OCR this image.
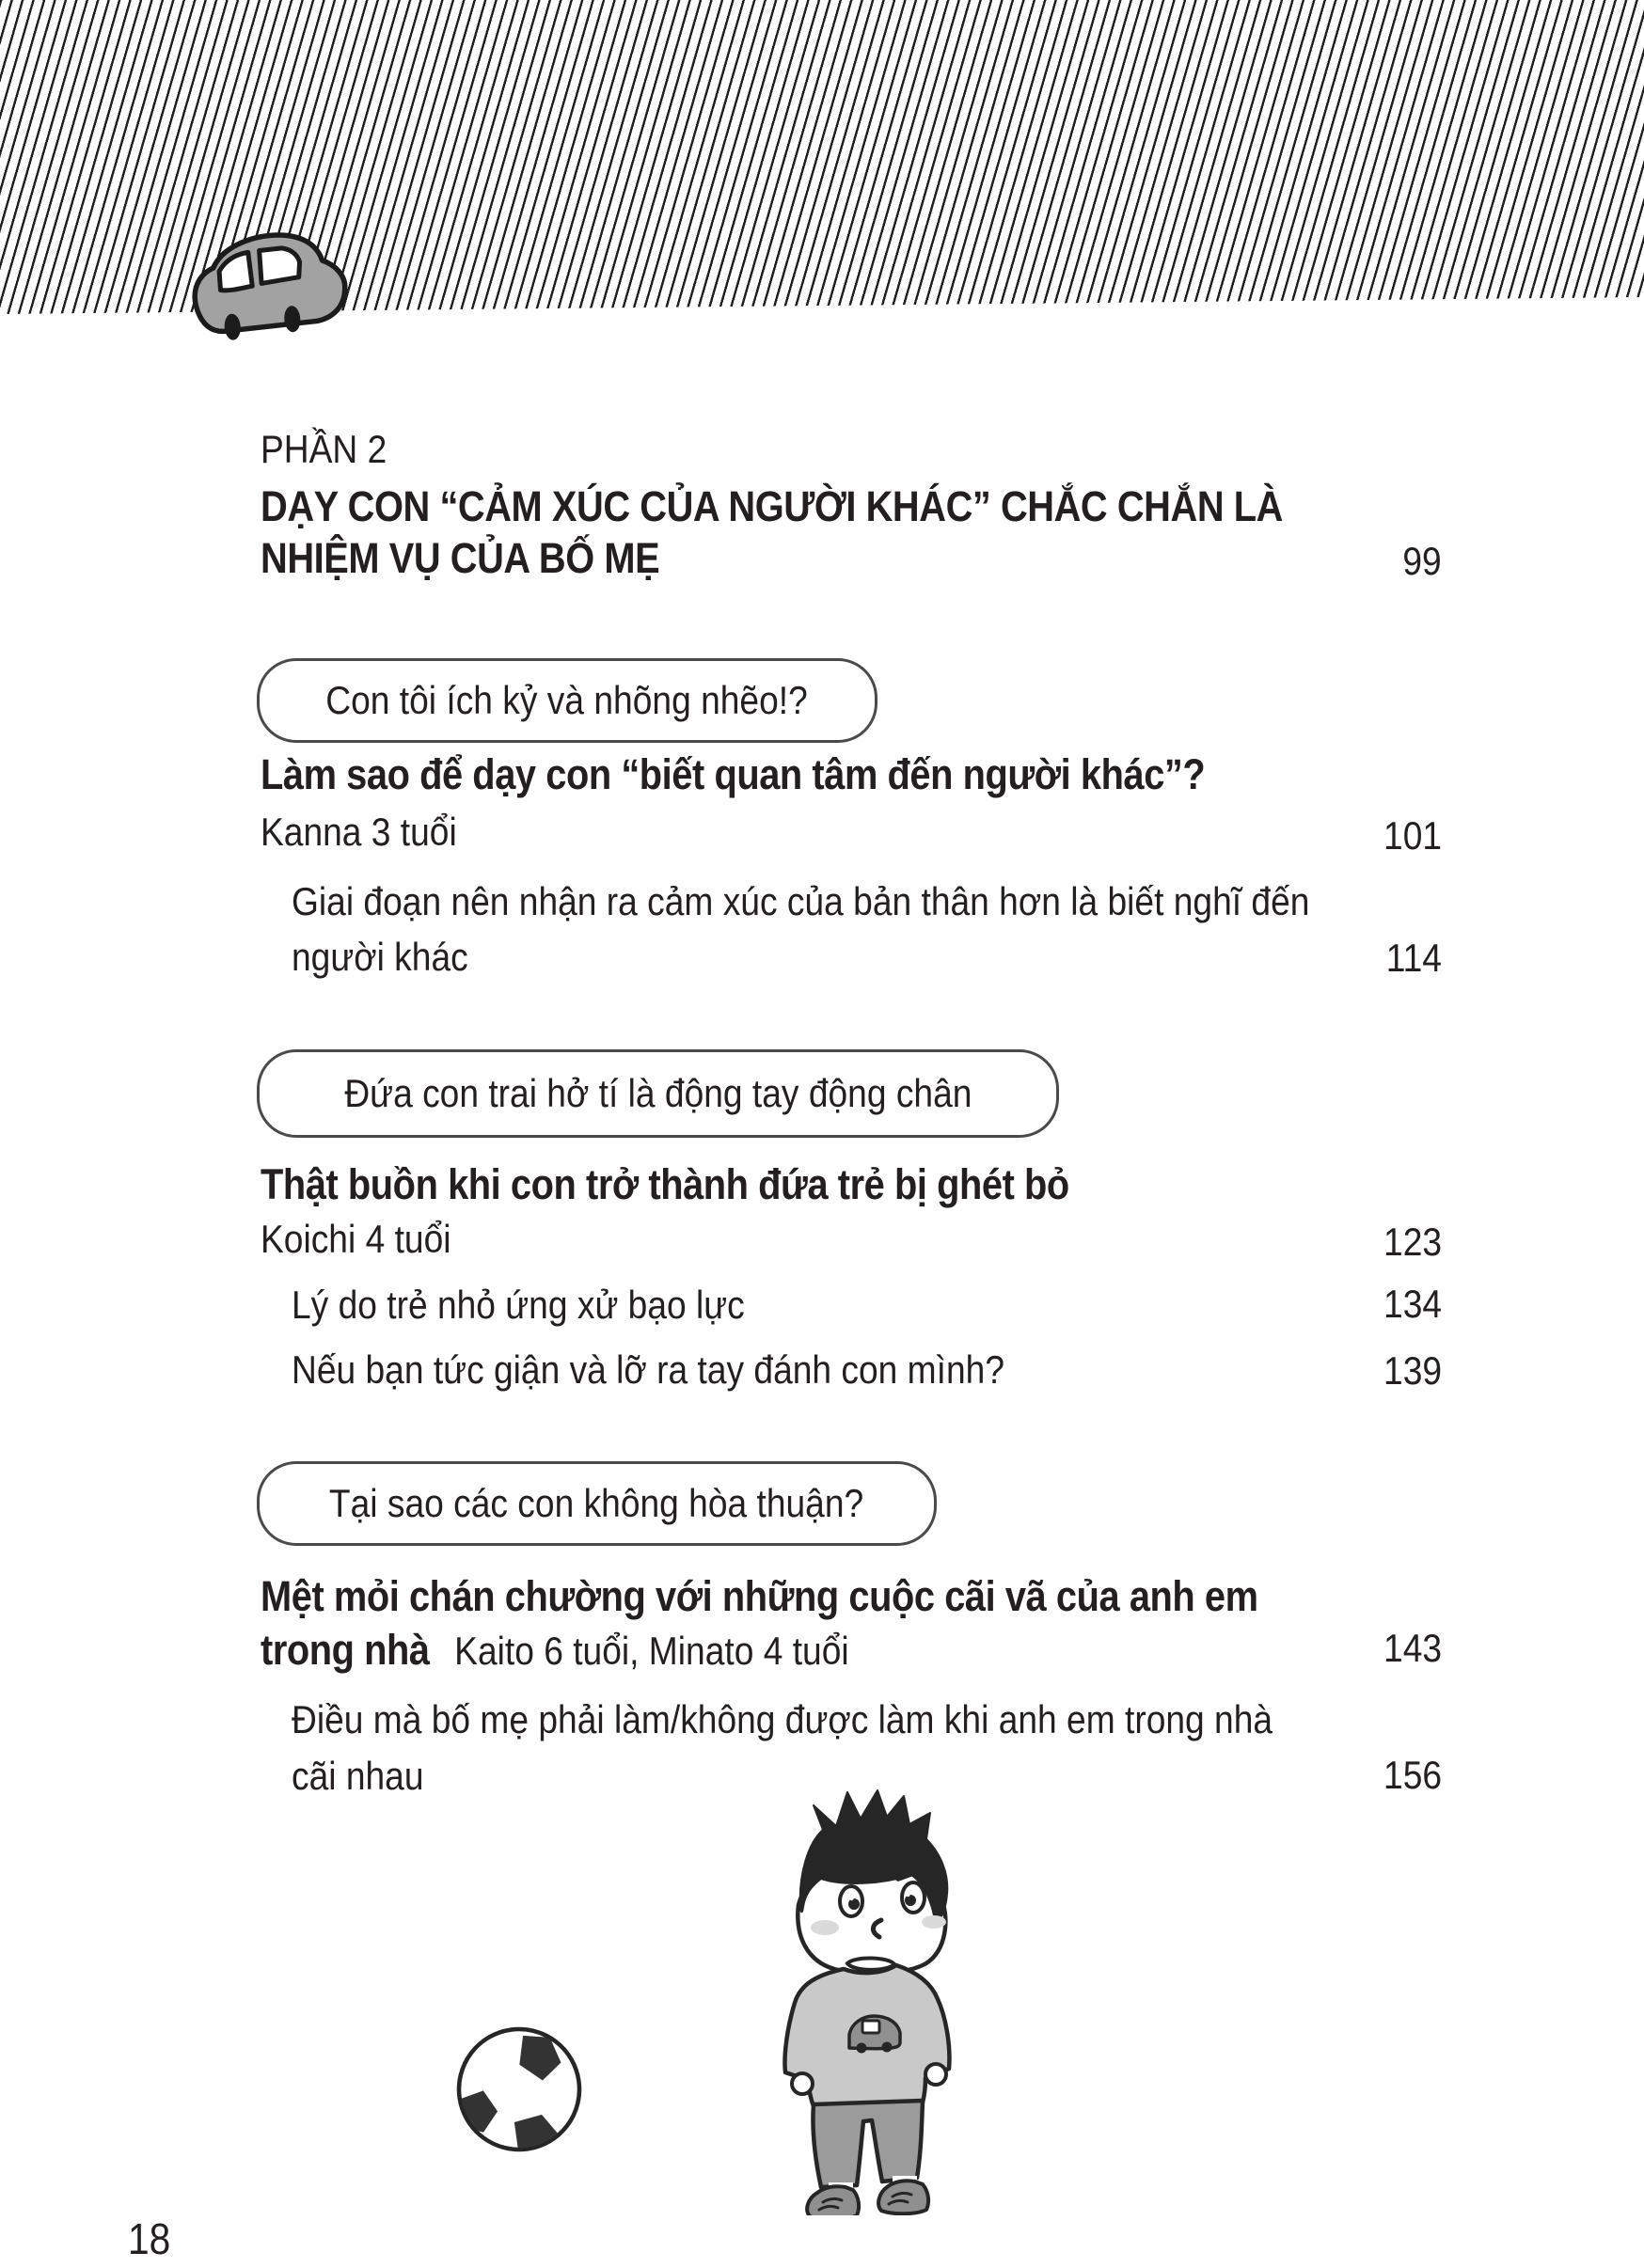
PHẦN 2
DẠY CON “CẢM XÚC CỦA NGƯỜI KHÁC” CHẮC CHẮN LÀ
NHIỆM VỤ CỦA BỐ MẸ	99
Con tôi ích kỷ và nhõng nhẽo!?
Làm sao để dạy con “biết quan tâm đến người khác”?
Kanna 3 tuổi	101
Giai đoạn nên nhận ra cảm xúc của bản thân hơn là biết nghĩ đến
người khác	114
Đứa con trai hở tí là động tay động chân
Thật buồn khi con trở thành đứa trẻ bị ghét bỏ
Koichi 4 tuổi	123
Lý do trẻ nhỏ ứng xử bạo lực	134
Nếu bạn tức giận và lỡ ra tay đánh con mình?	139
Tại sao các con không hòa thuận?
Mệt mỏi chán chường với những cuộc cãi vã của anh em
trong nhà Kaito 6 tuổi, Minato 4 tuổi	143
Điều mà bố mẹ phải làm/không được làm khi anh em trong nhà
cãi nhau	156
18
